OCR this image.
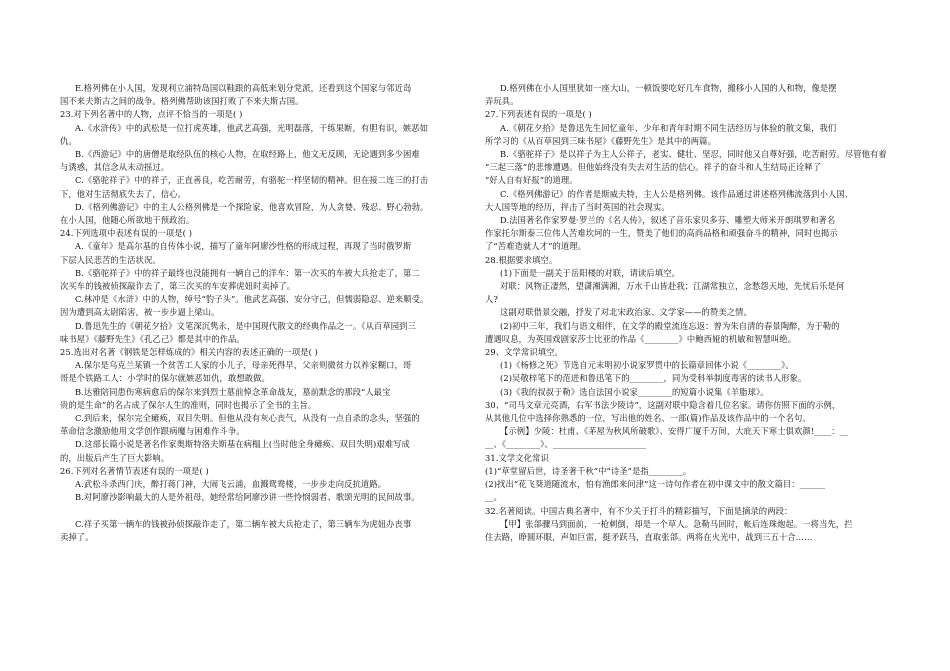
E.格列佛在小人国，发现利立浦特岛国以鞋跟的高低来划分党派，还看到这个国家与邻近岛
国不来夫斯古之间的战争。格列佛帮助该国打败了不来夫斯古国。
23.对下列名著中的人物，点评不恰当的一项是( )
A.《水浒传》中的武松是一位打虎英雄，他武艺高强，光明磊落，干练果断，有胆有识，嫉恶如
仇。
B.《西游记》中的唐僧是取经队伍的核心人物，在取经路上，他文无反顾，无论遇到多少困难
与诱惑，其信念从未动摇过。
C.《骆驼祥子》中的祥子，正直善良，吃苦耐劳，有骆驼一样坚韧的精神。但在接二连三的打击
下，他对生活彻底失去了，信心。
D.《格列佛游记》中的主人公格列佛是一个探险家，他喜欢冒险，为人贪婪、残忍、野心勃勃。
在小人国，他随心所欲地干预政治。
24.下列选项中表述有误的一项是( )
A.《童年》是高尔基的自传体小说，描写了童年阿廖沙性格的形成过程，再现了当时俄罗斯
下层人民悲苦的生活状况。
B.《骆驼祥子》中的祥子最终也没能拥有一辆自己的洋车：第一次买的车被大兵抢走了，第二
次买车的钱被侦探敲诈去了，第三次买的车安葬虎妞时卖掉了。
C.林冲是《水浒》中的人物，绰号“豹子头”。他武艺高强、安分守己，但懦弱隐忍、逆来顺受。
因为遭到高太尉陷害，被一步步逼上梁山。
D.鲁迅先生的《朝花夕拾》文笔深沉隽永，是中国现代散文的经典作品之一。《从百草园到三
味书屋》《藤野先生》《孔乙己》都是其中的作品。
25.选出对名著《钢铁是怎样炼成的》相关内容的表述正确的一项是( )
A.保尔是乌克兰某镇一个贫苦工人家的小儿子，母亲死得早，父亲则微贫力以养家糊口，哥
哥是个铁路工人：小学时的保尔就嫉恶如仇，敢想敢做。
B.达雅陪同患伤寒病愈后的保尔来到烈士墓前悼念革命战友，墓前默念的那段“人最宝
贵的是生命”的名占成了保尔人生的准则，同时也揭示了全书的主旨。
C.到后来，保尔完全瘫痪，双目失明。但他从没有灰心丧气，从没有一点自杀的念头，坚强的
革命信念激励他用文学创作跟病魔与困难作斗争。
D.这部长篇小说是著名作家奥斯特洛夫斯基在病榻上(当时他全身瘫痪、双目失明)艰难写成
的，出版后产生了巨大影响。
26.下列对名著情节表述有误的一项是( )
A.武松斗杀西门庆，醉打蒋门神，大闹飞云浦，血溅鸳鸯楼，一步步走向反抗道路。
B.对阿廖沙影响最大的人是外祖母，她经常给阿廖沙讲一些怜悯弱者、歌颂光明的民间故事。

C.祥子买第一辆车的钱被孙侦探敲诈走了，第二辆车被大兵抢走了，第三辆车为虎妞办丧事
卖掉了。
D.格列佛在小人国里犹如一座大山，一顿饭要吃好几车食物，搬移小人国的人和物，像是摆
弄玩具。
27.下列表述有误的一项是( )
A.《朝花夕拾》是鲁迅先生回忆童年、少年和青年时期不同生活经历与体验的散文集，我们
所学习的《从百草园到三味书屋》《藤野先生》是其中的两篇。
B.《骆驼祥子》是以祥子为主人公祥子，老实、健壮、坚忍，同时他又自尊好强，吃苦耐劳。尽管他有着
“三起三落”的悲惨遭遇。但他始终没有失去对生活的信心。祥子的奋斗和人生结局正诠释了
“好人自有好报”的道理。
C.《格列佛游记》的作者是斯威夫特，主人公是格列佛。该作品通过讲述格列佛流落到小人国、
大人国等地的经历，抨击了当时英国的社会现实。
D.法国著名作家罗曼·罗兰的《名人传》，叙述了音乐家贝多芬、雕塑大师米开朗琪罗和著名
作家托尔斯泰三位伟人苦难坎坷的一生，赞美了他们的高尚品格和顽强奋斗的精神，同时也揭示
了“苦难造就人才”的道理。
28.根据要求填空。
(1)下面是一副关于岳阳楼的对联，请读后填空。
对联：风物正凄然，望潇湘满湘，万水千山皆赴我；江湖常独立，念愁怨天地，先忧后乐是何
人?
这副对联借景交融，抒发了对北宋政治家、文学家——的赞美之情。
(2)初中三年，我们与语文相伴，在文学的殿堂流连忘返：曾为朱自清的春景陶醉，为于勒的
遭遇叹息，为英国戏剧家莎士比亚的作品《________》中鲍西娅的机敏和智慧叫绝。
29、文学常识填空。
(1)《杨修之死》节选自元末明初小说家罗贯中的长篇章回体小说《________》。
(2)吴敬梓笔下的范进和鲁迅笔下的________，同为受科举制度毒害的读书人形象。
(3)《我的叔叔于勒》选自法国小说家________的短篇小说集《羊脂球》。
30、“司马文章元亮酒，右军书法少陵诗”，这副对联中隐含着几位名家。请你仿照下面的示例，
从其他几位中选择你熟悉的一位，写出他的姓名、一部(篇)作品及该作品中的一个名句。
【示例】少陵：杜甫、《茅屋为秋风所破歌》、安得广厦千万间，大庇天下寒士俱欢颜!____：__
__、《________》、______________________
31.文学文化常识
(1)“草堂留后世，诗圣著千秋”中“诗圣”是指________。
(2)找出“花飞葵道随流水，怕有渔郎来问津”这一诗句作者在初中课文中的散文篇目：______
__。
32.名著阅读。中国古典名著中，有不少关于打斗的精彩描写，下面是摘录的两段：
【甲】张郃骤马到面前，一枪刺倒，却是一个草人。急勒马回时，帐后连珠炮起。一将当先，拦
住去路，睁圆环眼，声如巨雷，挺矛跃马，直取张郃。两将在火光中，战到三五十合……
